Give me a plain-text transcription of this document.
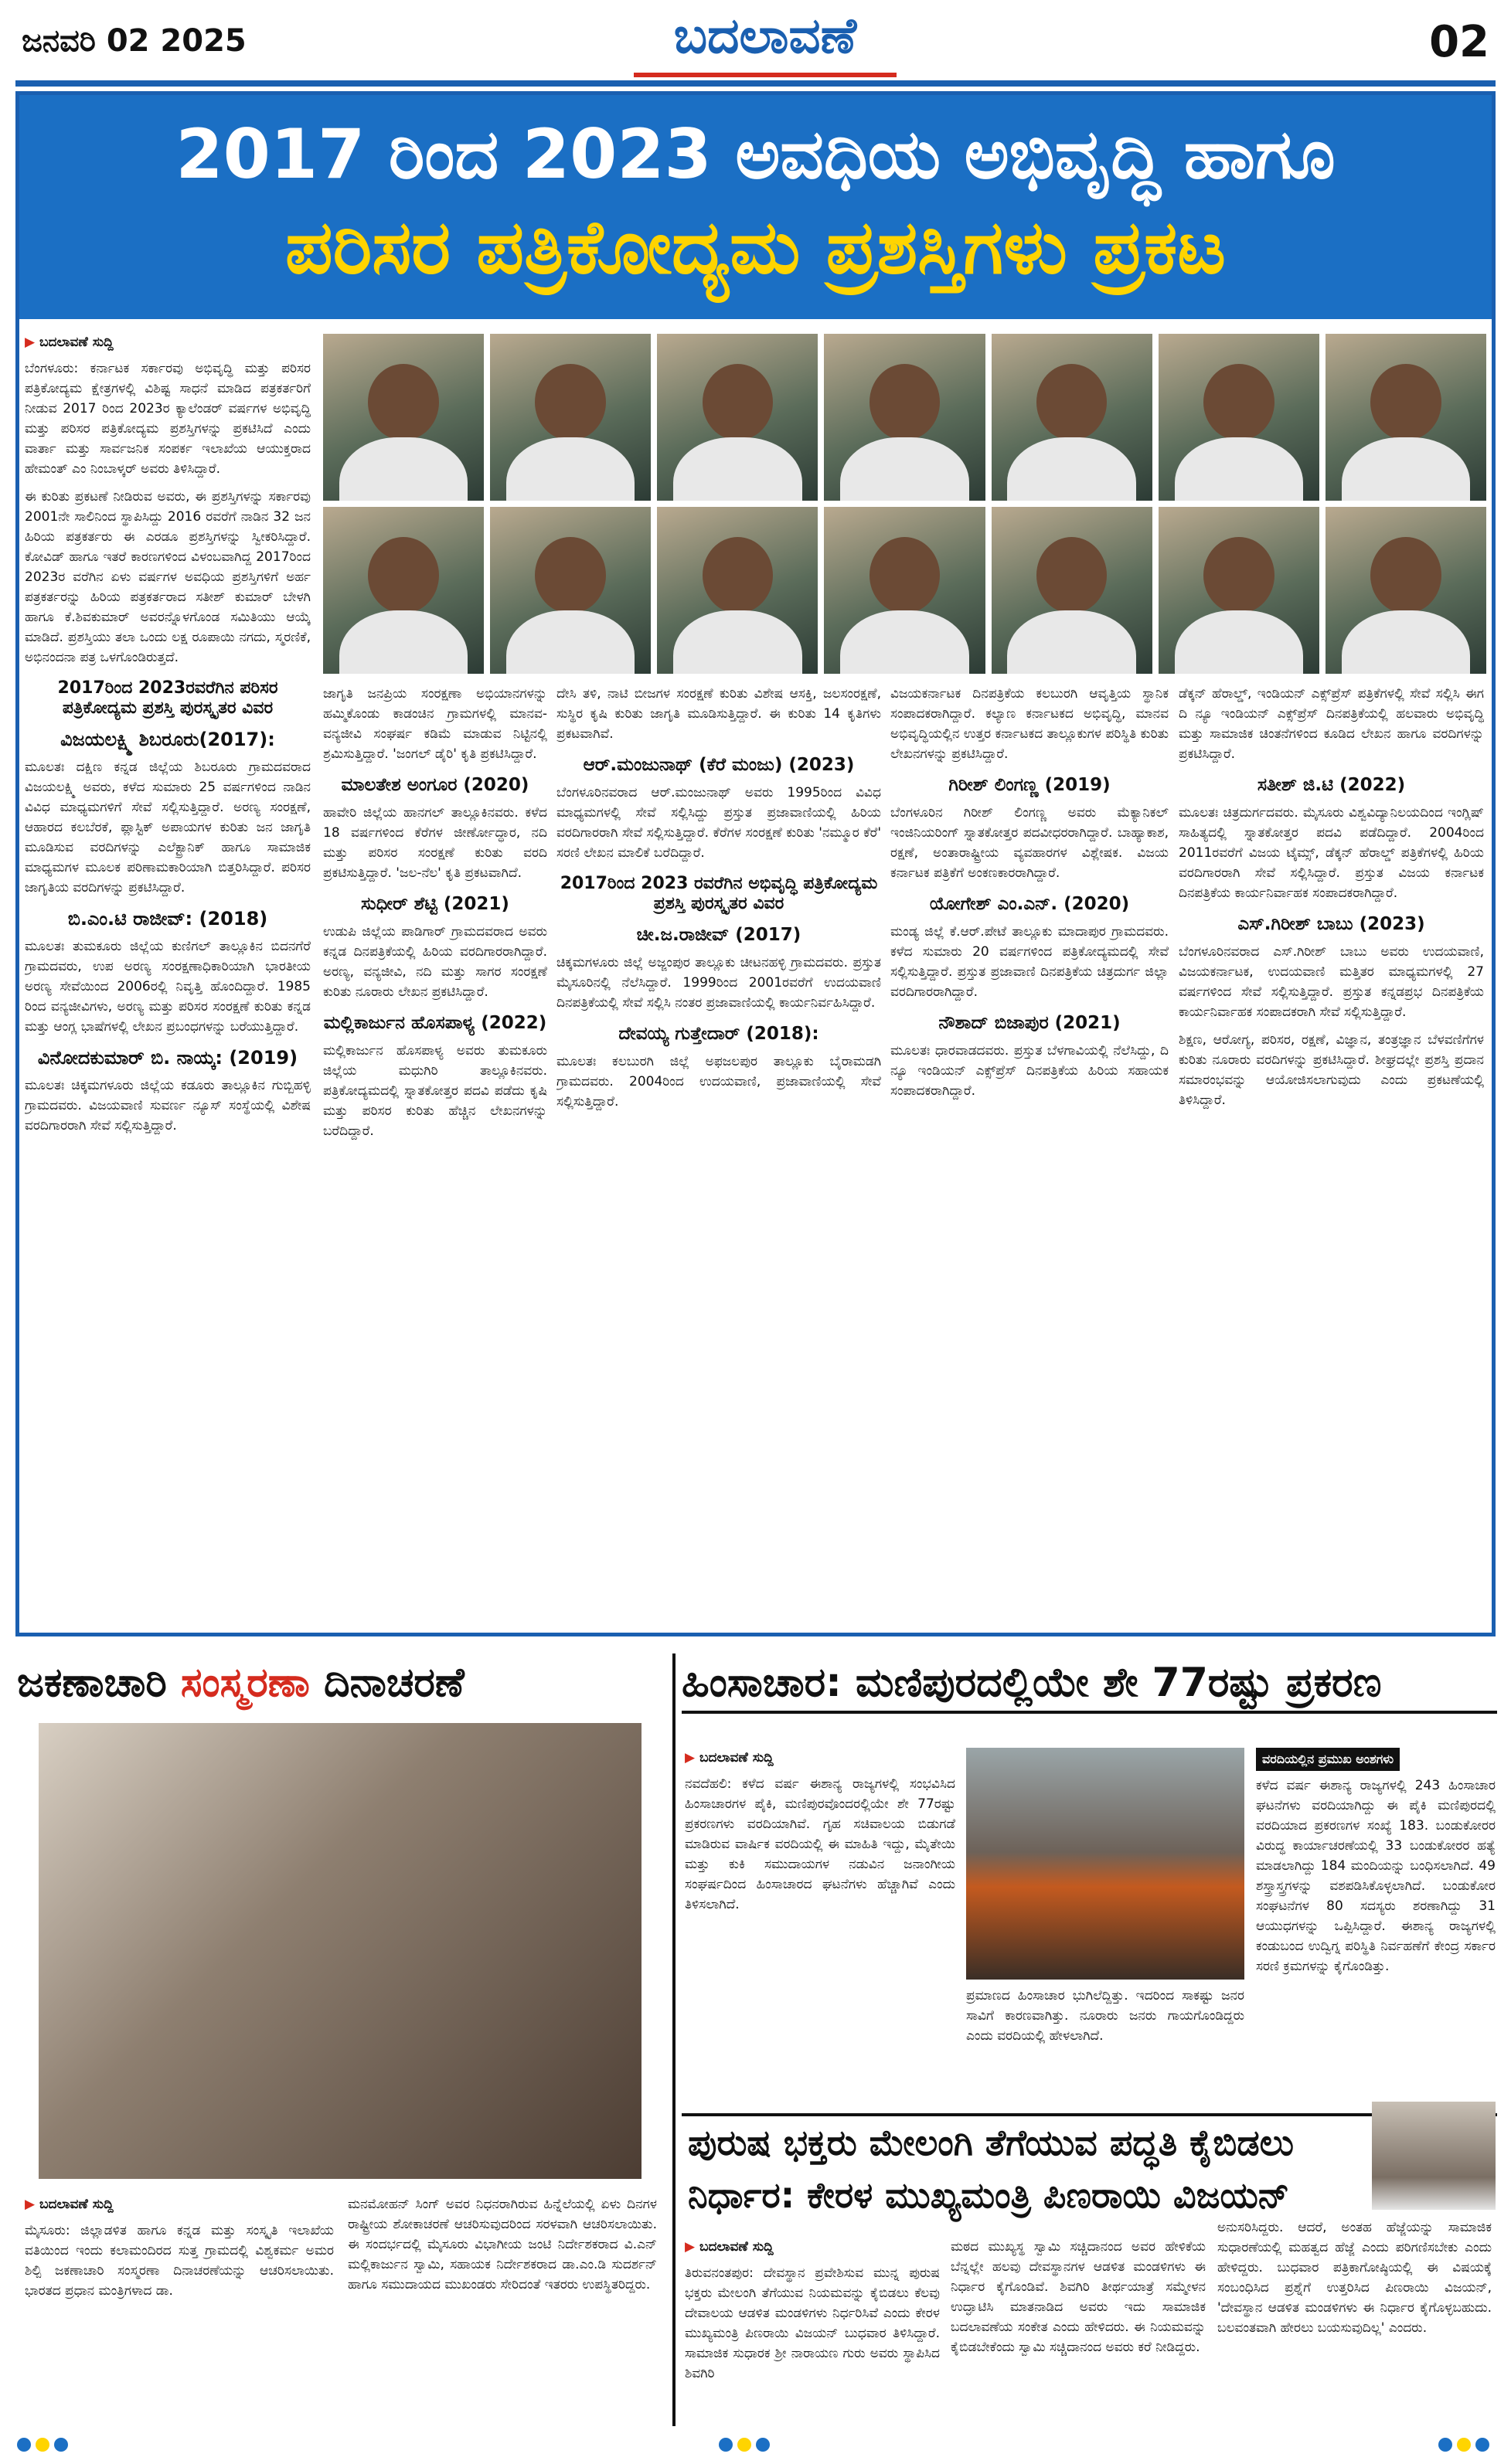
ಜನವರಿ 02 2025	ಬದಲಾವಣೆ	02
2017 ರಿಂದ 2023 ಅವಧಿಯ ಅಭಿವೃದ್ಧಿ ಹಾಗೂ
ಪರಿಸರ ಪತ್ರಿಕೋದ್ಯಮ ಪ್ರಶಸ್ತಿಗಳು ಪ್ರಕಟ
▶ ಬದಲಾವಣೆ ಸುದ್ದಿ

ಬೆಂಗಳೂರು: ಕರ್ನಾಟಕ ಸರ್ಕಾರವು ಅಭಿವೃದ್ಧಿ ಮತ್ತು ಪರಿಸರ ಪತ್ರಿಕೋದ್ಯಮ ಕ್ಷೇತ್ರಗಳಲ್ಲಿ ವಿಶಿಷ್ಟ ಸಾಧನೆ ಮಾಡಿದ ಪತ್ರಕರ್ತರಿಗೆ ನೀಡುವ 2017 ರಿಂದ 2023ರ ಕ್ಯಾಲೆಂಡರ್ ವರ್ಷಗಳ ಅಭಿವೃದ್ಧಿ ಮತ್ತು ಪರಿಸರ ಪತ್ರಿಕೋದ್ಯಮ ಪ್ರಶಸ್ತಿಗಳನ್ನು ಪ್ರಕಟಿಸಿದೆ ಎಂದು ವಾರ್ತಾ ಮತ್ತು ಸಾರ್ವಜನಿಕ ಸಂಪರ್ಕ ಇಲಾಖೆಯ ಆಯುಕ್ತರಾದ ಹೇಮಂತ್ ಎಂ ನಿಂಬಾಳ್ಕರ್ ಅವರು ತಿಳಿಸಿದ್ದಾರೆ.

ಈ ಕುರಿತು ಪ್ರಕಟಣೆ ನೀಡಿರುವ ಅವರು, ಈ ಪ್ರಶಸ್ತಿಗಳನ್ನು ಸರ್ಕಾರವು 2001ನೇ ಸಾಲಿನಿಂದ ಸ್ಥಾಪಿಸಿದ್ದು 2016 ರವರೆಗೆ ನಾಡಿನ 32 ಜನ ಹಿರಿಯ ಪತ್ರಕರ್ತರು ಈ ಎರಡೂ ಪ್ರಶಸ್ತಿಗಳನ್ನು ಸ್ವೀಕರಿಸಿದ್ದಾರೆ. ಕೋವಿಡ್ ಹಾಗೂ ಇತರೆ ಕಾರಣಗಳಿಂದ ವಿಳಂಬವಾಗಿದ್ದ 2017ರಿಂದ 2023ರ ವರೆಗಿನ ಏಳು ವರ್ಷಗಳ ಅವಧಿಯ ಪ್ರಶಸ್ತಿಗಳಿಗೆ ಅರ್ಹ ಪತ್ರಕರ್ತರನ್ನು ಹಿರಿಯ ಪತ್ರಕರ್ತರಾದ ಸತೀಶ್ ಕುಮಾರ್ ಬೇಳಗಿ ಹಾಗೂ ಕೆ.ಶಿವಕುಮಾರ್ ಅವರನ್ನೊಳಗೊಂಡ ಸಮಿತಿಯು ಆಯ್ಕೆ ಮಾಡಿದೆ. ಪ್ರಶಸ್ತಿಯು ತಲಾ ಒಂದು ಲಕ್ಷ ರೂಪಾಯಿ ನಗದು, ಸ್ಮರಣಿಕೆ, ಅಭಿನಂದನಾ ಪತ್ರ ಒಳಗೊಂಡಿರುತ್ತದೆ.

2017ರಿಂದ 2023ರವರೆಗಿನ ಪರಿಸರ ಪತ್ರಿಕೋದ್ಯಮ ಪ್ರಶಸ್ತಿ ಪುರಸ್ಕೃತರ ವಿವರ
ವಿಜಯಲಕ್ಷ್ಮಿ ಶಿಬರೂರು(2017):

ಮೂಲತಃ ದಕ್ಷಿಣ ಕನ್ನಡ ಜಿಲ್ಲೆಯ ಶಿಬರೂರು ಗ್ರಾಮದವರಾದ ವಿಜಯಲಕ್ಷ್ಮಿ ಅವರು, ಕಳೆದ ಸುಮಾರು 25 ವರ್ಷಗಳಿಂದ ನಾಡಿನ ವಿವಿಧ ಮಾಧ್ಯಮಗಳಿಗೆ ಸೇವೆ ಸಲ್ಲಿಸುತ್ತಿದ್ದಾರೆ. ಅರಣ್ಯ ಸಂರಕ್ಷಣೆ, ಆಹಾರದ ಕಲಬೆರಕೆ, ಪ್ಲಾಸ್ಟಿಕ್ ಅಪಾಯಗಳ ಕುರಿತು ಜನ ಜಾಗೃತಿ ಮೂಡಿಸುವ ವರದಿಗಳನ್ನು ಎಲೆಕ್ಟ್ರಾನಿಕ್ ಹಾಗೂ ಸಾಮಾಜಿಕ ಮಾಧ್ಯಮಗಳ ಮೂಲಕ ಪರಿಣಾಮಕಾರಿಯಾಗಿ ಬಿತ್ತರಿಸಿದ್ದಾರೆ. ಪರಿಸರ ಜಾಗೃತಿಯ ವರದಿಗಳನ್ನು ಪ್ರಕಟಿಸಿದ್ದಾರೆ.

ಬಿ.ಎಂ.ಟಿ ರಾಜೀವ್: (2018)

ಮೂಲತಃ ತುಮಕೂರು ಜಿಲ್ಲೆಯ ಕುಣಿಗಲ್ ತಾಲ್ಲೂಕಿನ ಬಿದನಗೆರೆ ಗ್ರಾಮದವರು, ಉಪ ಅರಣ್ಯ ಸಂರಕ್ಷಣಾಧಿಕಾರಿಯಾಗಿ ಭಾರತೀಯ ಅರಣ್ಯ ಸೇವೆಯಿಂದ 2006ರಲ್ಲಿ ನಿವೃತ್ತಿ ಹೊಂದಿದ್ದಾರೆ. 1985 ರಿಂದ ವನ್ಯಜೀವಿಗಳು, ಅರಣ್ಯ ಮತ್ತು ಪರಿಸರ ಸಂರಕ್ಷಣೆ ಕುರಿತು ಕನ್ನಡ ಮತ್ತು ಆಂಗ್ಲ ಭಾಷೆಗಳಲ್ಲಿ ಲೇಖನ ಪ್ರಬಂಧಗಳನ್ನು ಬರೆಯುತ್ತಿದ್ದಾರೆ.

ವಿನೋದಕುಮಾರ್ ಬಿ. ನಾಯ್ಕ: (2019)

ಮೂಲತಃ ಚಿಕ್ಕಮಗಳೂರು ಜಿಲ್ಲೆಯ ಕಡೂರು ತಾಲ್ಲೂಕಿನ ಗುಬ್ಬಿಹಳ್ಳಿ ಗ್ರಾಮದವರು. ವಿಜಯವಾಣಿ ಸುವರ್ಣ ನ್ಯೂಸ್ ಸಂಸ್ಥೆಯಲ್ಲಿ ವಿಶೇಷ ವರದಿಗಾರರಾಗಿ ಸೇವೆ ಸಲ್ಲಿಸುತ್ತಿದ್ದಾರೆ.

ಜಾಗೃತಿ ಜನಪ್ರಿಯ ಸಂರಕ್ಷಣಾ ಅಭಿಯಾನಗಳನ್ನು ಹಮ್ಮಿಕೊಂಡು ಕಾಡಂಚಿನ ಗ್ರಾಮಗಳಲ್ಲಿ ಮಾನವ-ವನ್ಯಜೀವಿ ಸಂಘರ್ಷ ಕಡಿಮೆ ಮಾಡುವ ನಿಟ್ಟಿನಲ್ಲಿ ಶ್ರಮಿಸುತ್ತಿದ್ದಾರೆ. 'ಜಂಗಲ್ ಡೈರಿ' ಕೃತಿ ಪ್ರಕಟಿಸಿದ್ದಾರೆ.

ಮಾಲತೇಶ ಅಂಗೂರ (2020)

ಹಾವೇರಿ ಜಿಲ್ಲೆಯ ಹಾನಗಲ್ ತಾಲ್ಲೂಕಿನವರು. ಕಳೆದ 18 ವರ್ಷಗಳಿಂದ ಕೆರೆಗಳ ಜೀರ್ಣೋದ್ಧಾರ, ನದಿ ಮತ್ತು ಪರಿಸರ ಸಂರಕ್ಷಣೆ ಕುರಿತು ವರದಿ ಪ್ರಕಟಿಸುತ್ತಿದ್ದಾರೆ. 'ಜಲ-ನೆಲ' ಕೃತಿ ಪ್ರಕಟವಾಗಿದೆ.

ಸುಧೀರ್ ಶೆಟ್ಟಿ (2021)

ಉಡುಪಿ ಜಿಲ್ಲೆಯ ಪಾಡಿಗಾರ್ ಗ್ರಾಮದವರಾದ ಅವರು ಕನ್ನಡ ದಿನಪತ್ರಿಕೆಯಲ್ಲಿ ಹಿರಿಯ ವರದಿಗಾರರಾಗಿದ್ದಾರೆ. ಅರಣ್ಯ, ವನ್ಯಜೀವಿ, ನದಿ ಮತ್ತು ಸಾಗರ ಸಂರಕ್ಷಣೆ ಕುರಿತು ನೂರಾರು ಲೇಖನ ಪ್ರಕಟಿಸಿದ್ದಾರೆ.

ಮಲ್ಲಿಕಾರ್ಜುನ ಹೊಸಪಾಳ್ಯ (2022)

ಮಲ್ಲಿಕಾರ್ಜುನ ಹೊಸಪಾಳ್ಯ ಅವರು ತುಮಕೂರು ಜಿಲ್ಲೆಯ ಮಧುಗಿರಿ ತಾಲ್ಲೂಕಿನವರು. ಪತ್ರಿಕೋದ್ಯಮದಲ್ಲಿ ಸ್ನಾತಕೋತ್ತರ ಪದವಿ ಪಡೆದು ಕೃಷಿ ಮತ್ತು ಪರಿಸರ ಕುರಿತು ಹೆಚ್ಚಿನ ಲೇಖನಗಳನ್ನು ಬರೆದಿದ್ದಾರೆ.

ದೇಸಿ ತಳಿ, ನಾಟಿ ಬೀಜಗಳ ಸಂರಕ್ಷಣೆ ಕುರಿತು ವಿಶೇಷ ಆಸಕ್ತಿ, ಜಲಸಂರಕ್ಷಣೆ, ಸುಸ್ಥಿರ ಕೃಷಿ ಕುರಿತು ಜಾಗೃತಿ ಮೂಡಿಸುತ್ತಿದ್ದಾರೆ. ಈ ಕುರಿತು 14 ಕೃತಿಗಳು ಪ್ರಕಟವಾಗಿವೆ.

ಆರ್.ಮಂಜುನಾಥ್ (ಕೆರೆ ಮಂಜು) (2023)

ಬೆಂಗಳೂರಿನವರಾದ ಆರ್.ಮಂಜುನಾಥ್ ಅವರು 1995ರಿಂದ ವಿವಿಧ ಮಾಧ್ಯಮಗಳಲ್ಲಿ ಸೇವೆ ಸಲ್ಲಿಸಿದ್ದು ಪ್ರಸ್ತುತ ಪ್ರಜಾವಾಣಿಯಲ್ಲಿ ಹಿರಿಯ ವರದಿಗಾರರಾಗಿ ಸೇವೆ ಸಲ್ಲಿಸುತ್ತಿದ್ದಾರೆ. ಕೆರೆಗಳ ಸಂರಕ್ಷಣೆ ಕುರಿತು 'ನಮ್ಮೂರ ಕೆರೆ' ಸರಣಿ ಲೇಖನ ಮಾಲಿಕೆ ಬರೆದಿದ್ದಾರೆ.

2017ರಿಂದ 2023 ರವರೆಗಿನ ಅಭಿವೃದ್ಧಿ ಪತ್ರಿಕೋದ್ಯಮ ಪ್ರಶಸ್ತಿ ಪುರಸ್ಕೃತರ ವಿವರ
ಚೀ.ಜ.ರಾಜೀವ್ (2017)

ಚಿಕ್ಕಮಗಳೂರು ಜಿಲ್ಲೆ ಅಜ್ಜಂಪುರ ತಾಲ್ಲೂಕು ಚೀಟನಹಳ್ಳಿ ಗ್ರಾಮದವರು. ಪ್ರಸ್ತುತ ಮೈಸೂರಿನಲ್ಲಿ ನೆಲೆಸಿದ್ದಾರೆ. 1999ರಿಂದ 2001ರವರೆಗೆ ಉದಯವಾಣಿ ದಿನಪತ್ರಿಕೆಯಲ್ಲಿ ಸೇವೆ ಸಲ್ಲಿಸಿ ನಂತರ ಪ್ರಜಾವಾಣಿಯಲ್ಲಿ ಕಾರ್ಯನಿರ್ವಹಿಸಿದ್ದಾರೆ.

ದೇವಯ್ಯ ಗುತ್ತೇದಾರ್ (2018):

ಮೂಲತಃ ಕಲಬುರಗಿ ಜಿಲ್ಲೆ ಅಫಜಲಪುರ ತಾಲ್ಲೂಕು ಬೈರಾಮಡಗಿ ಗ್ರಾಮದವರು. 2004ರಿಂದ ಉದಯವಾಣಿ, ಪ್ರಜಾವಾಣಿಯಲ್ಲಿ ಸೇವೆ ಸಲ್ಲಿಸುತ್ತಿದ್ದಾರೆ.

ವಿಜಯಕರ್ನಾಟಕ ದಿನಪತ್ರಿಕೆಯ ಕಲಬುರಗಿ ಆವೃತ್ತಿಯ ಸ್ಥಾನಿಕ ಸಂಪಾದಕರಾಗಿದ್ದಾರೆ. ಕಲ್ಯಾಣ ಕರ್ನಾಟಕದ ಅಭಿವೃದ್ಧಿ, ಮಾನವ ಅಭಿವೃದ್ಧಿಯಲ್ಲಿನ ಉತ್ತರ ಕರ್ನಾಟಕದ ತಾಲ್ಲೂಕುಗಳ ಪರಿಸ್ಥಿತಿ ಕುರಿತು ಲೇಖನಗಳನ್ನು ಪ್ರಕಟಿಸಿದ್ದಾರೆ.

ಗಿರೀಶ್ ಲಿಂಗಣ್ಣ (2019)

ಬೆಂಗಳೂರಿನ ಗಿರೀಶ್ ಲಿಂಗಣ್ಣ ಅವರು ಮೆಕ್ಯಾನಿಕಲ್ ಇಂಜಿನಿಯರಿಂಗ್ ಸ್ನಾತಕೋತ್ತರ ಪದವೀಧರರಾಗಿದ್ದಾರೆ. ಬಾಹ್ಯಾಕಾಶ, ರಕ್ಷಣೆ, ಅಂತಾರಾಷ್ಟ್ರೀಯ ವ್ಯವಹಾರಗಳ ವಿಶ್ಲೇಷಕ. ವಿಜಯ ಕರ್ನಾಟಕ ಪತ್ರಿಕೆಗೆ ಅಂಕಣಕಾರರಾಗಿದ್ದಾರೆ.

ಯೋಗೇಶ್ ಎಂ.ಎನ್. (2020)

ಮಂಡ್ಯ ಜಿಲ್ಲೆ ಕೆ.ಆರ್.ಪೇಟೆ ತಾಲ್ಲೂಕು ಮಾದಾಪುರ ಗ್ರಾಮದವರು. ಕಳೆದ ಸುಮಾರು 20 ವರ್ಷಗಳಿಂದ ಪತ್ರಿಕೋದ್ಯಮದಲ್ಲಿ ಸೇವೆ ಸಲ್ಲಿಸುತ್ತಿದ್ದಾರೆ. ಪ್ರಸ್ತುತ ಪ್ರಜಾವಾಣಿ ದಿನಪತ್ರಿಕೆಯ ಚಿತ್ರದುರ್ಗ ಜಿಲ್ಲಾ ವರದಿಗಾರರಾಗಿದ್ದಾರೆ.

ನೌಶಾದ್ ಬಿಜಾಪುರ (2021)

ಮೂಲತಃ ಧಾರವಾಡದವರು. ಪ್ರಸ್ತುತ ಬೆಳಗಾವಿಯಲ್ಲಿ ನೆಲೆಸಿದ್ದು, ದಿ ನ್ಯೂ ಇಂಡಿಯನ್ ಎಕ್ಸ್‌ಪ್ರೆಸ್ ದಿನಪತ್ರಿಕೆಯ ಹಿರಿಯ ಸಹಾಯಕ ಸಂಪಾದಕರಾಗಿದ್ದಾರೆ.

ಡೆಕ್ಕನ್ ಹೆರಾಲ್ಡ್, ಇಂಡಿಯನ್ ಎಕ್ಸ್‌ಪ್ರೆಸ್ ಪತ್ರಿಕೆಗಳಲ್ಲಿ ಸೇವೆ ಸಲ್ಲಿಸಿ ಈಗ ದಿ ನ್ಯೂ ಇಂಡಿಯನ್ ಎಕ್ಸ್‌ಪ್ರೆಸ್ ದಿನಪತ್ರಿಕೆಯಲ್ಲಿ ಹಲವಾರು ಅಭಿವೃದ್ಧಿ ಮತ್ತು ಸಾಮಾಜಿಕ ಚಿಂತನೆಗಳಿಂದ ಕೂಡಿದ ಲೇಖನ ಹಾಗೂ ವರದಿಗಳನ್ನು ಪ್ರಕಟಿಸಿದ್ದಾರೆ.

ಸತೀಶ್ ಜಿ.ಟಿ (2022)

ಮೂಲತಃ ಚಿತ್ರದುರ್ಗದವರು. ಮೈಸೂರು ವಿಶ್ವವಿದ್ಯಾನಿಲಯದಿಂದ ಇಂಗ್ಲಿಷ್ ಸಾಹಿತ್ಯದಲ್ಲಿ ಸ್ನಾತಕೋತ್ತರ ಪದವಿ ಪಡೆದಿದ್ದಾರೆ. 2004ರಿಂದ 2011ರವರೆಗೆ ವಿಜಯ ಟೈಮ್ಸ್, ಡೆಕ್ಕನ್ ಹೆರಾಲ್ಡ್ ಪತ್ರಿಕೆಗಳಲ್ಲಿ ಹಿರಿಯ ವರದಿಗಾರರಾಗಿ ಸೇವೆ ಸಲ್ಲಿಸಿದ್ದಾರೆ. ಪ್ರಸ್ತುತ ವಿಜಯ ಕರ್ನಾಟಕ ದಿನಪತ್ರಿಕೆಯ ಕಾರ್ಯನಿರ್ವಾಹಕ ಸಂಪಾದಕರಾಗಿದ್ದಾರೆ.

ಎಸ್.ಗಿರೀಶ್ ಬಾಬು (2023)

ಬೆಂಗಳೂರಿನವರಾದ ಎಸ್.ಗಿರೀಶ್ ಬಾಬು ಅವರು ಉದಯವಾಣಿ, ವಿಜಯಕರ್ನಾಟಕ, ಉದಯವಾಣಿ ಮತ್ತಿತರ ಮಾಧ್ಯಮಗಳಲ್ಲಿ 27 ವರ್ಷಗಳಿಂದ ಸೇವೆ ಸಲ್ಲಿಸುತ್ತಿದ್ದಾರೆ. ಪ್ರಸ್ತುತ ಕನ್ನಡಪ್ರಭ ದಿನಪತ್ರಿಕೆಯ ಕಾರ್ಯನಿರ್ವಾಹಕ ಸಂಪಾದಕರಾಗಿ ಸೇವೆ ಸಲ್ಲಿಸುತ್ತಿದ್ದಾರೆ.

ಶಿಕ್ಷಣ, ಆರೋಗ್ಯ, ಪರಿಸರ, ರಕ್ಷಣೆ, ವಿಜ್ಞಾನ, ತಂತ್ರಜ್ಞಾನ ಬೆಳವಣಿಗೆಗಳ ಕುರಿತು ನೂರಾರು ವರದಿಗಳನ್ನು ಪ್ರಕಟಿಸಿದ್ದಾರೆ. ಶೀಘ್ರದಲ್ಲೇ ಪ್ರಶಸ್ತಿ ಪ್ರದಾನ ಸಮಾರಂಭವನ್ನು ಆಯೋಜಿಸಲಾಗುವುದು ಎಂದು ಪ್ರಕಟಣೆಯಲ್ಲಿ ತಿಳಿಸಿದ್ದಾರೆ.

ಜಕಣಾಚಾರಿ ಸಂಸ್ಮರಣಾ ದಿನಾಚರಣೆ
▶ ಬದಲಾವಣೆ ಸುದ್ದಿ

ಮೈಸೂರು: ಜಿಲ್ಲಾಡಳಿತ ಹಾಗೂ ಕನ್ನಡ ಮತ್ತು ಸಂಸ್ಕೃತಿ ಇಲಾಖೆಯ ವತಿಯಿಂದ ಇಂದು ಕಲಾಮಂದಿರದ ಸುತ್ತ ಗ್ರಾಮದಲ್ಲಿ ವಿಶ್ವಕರ್ಮ ಅಮರ ಶಿಲ್ಪಿ ಜಕಣಾಚಾರಿ ಸಂಸ್ಮರಣಾ ದಿನಾಚರಣೆಯನ್ನು ಆಚರಿಸಲಾಯಿತು. ಭಾರತದ ಪ್ರಧಾನ ಮಂತ್ರಿಗಳಾದ ಡಾ.

ಮನಮೋಹನ್ ಸಿಂಗ್ ಅವರ ನಿಧನರಾಗಿರುವ ಹಿನ್ನೆಲೆಯಲ್ಲಿ ಏಳು ದಿನಗಳ ರಾಷ್ಟ್ರೀಯ ಶೋಕಾಚರಣೆ ಆಚರಿಸುವುದರಿಂದ ಸರಳವಾಗಿ ಆಚರಿಸಲಾಯಿತು. ಈ ಸಂದರ್ಭದಲ್ಲಿ ಮೈಸೂರು ವಿಭಾಗೀಯ ಜಂಟಿ ನಿರ್ದೇಶಕರಾದ ವಿ.ಎನ್ ಮಲ್ಲಿಕಾರ್ಜುನ ಸ್ವಾಮಿ, ಸಹಾಯಕ ನಿರ್ದೇಶಕರಾದ ಡಾ.ಎಂ.ಡಿ ಸುದರ್ಶನ್ ಹಾಗೂ ಸಮುದಾಯದ ಮುಖಂಡರು ಸೇರಿದಂತೆ ಇತರರು ಉಪಸ್ಥಿತರಿದ್ದರು.

ಹಿಂಸಾಚಾರ: ಮಣಿಪುರದಲ್ಲಿಯೇ ಶೇ 77ರಷ್ಟು ಪ್ರಕರಣ
▶ ಬದಲಾವಣೆ ಸುದ್ದಿ

ನವದೆಹಲಿ: ಕಳೆದ ವರ್ಷ ಈಶಾನ್ಯ ರಾಜ್ಯಗಳಲ್ಲಿ ಸಂಭವಿಸಿದ ಹಿಂಸಾಚಾರಗಳ ಪೈಕಿ, ಮಣಿಪುರವೊಂದರಲ್ಲಿಯೇ ಶೇ 77ರಷ್ಟು ಪ್ರಕರಣಗಳು ವರದಿಯಾಗಿವೆ. ಗೃಹ ಸಚಿವಾಲಯ ಬಿಡುಗಡೆ ಮಾಡಿರುವ ವಾರ್ಷಿಕ ವರದಿಯಲ್ಲಿ ಈ ಮಾಹಿತಿ ಇದ್ದು, ಮೈತೇಯಿ ಮತ್ತು ಕುಕಿ ಸಮುದಾಯಗಳ ನಡುವಿನ ಜನಾಂಗೀಯ ಸಂಘರ್ಷದಿಂದ ಹಿಂಸಾಚಾರದ ಘಟನೆಗಳು ಹೆಚ್ಚಾಗಿವೆ ಎಂದು ತಿಳಿಸಲಾಗಿದೆ.

ಪ್ರಮಾಣದ ಹಿಂಸಾಚಾರ ಭುಗಿಲೆದ್ದಿತ್ತು. ಇದರಿಂದ ಸಾಕಷ್ಟು ಜನರ ಸಾವಿಗೆ ಕಾರಣವಾಗಿತ್ತು. ನೂರಾರು ಜನರು ಗಾಯಗೊಂಡಿದ್ದರು ಎಂದು ವರದಿಯಲ್ಲಿ ಹೇಳಲಾಗಿದೆ.

ವರದಿಯಲ್ಲಿನ ಪ್ರಮುಖ ಅಂಶಗಳು

ಕಳೆದ ವರ್ಷ ಈಶಾನ್ಯ ರಾಜ್ಯಗಳಲ್ಲಿ 243 ಹಿಂಸಾಚಾರ ಘಟನೆಗಳು ವರದಿಯಾಗಿದ್ದು ಈ ಪೈಕಿ ಮಣಿಪುರದಲ್ಲಿ ವರದಿಯಾದ ಪ್ರಕರಣಗಳ ಸಂಖ್ಯೆ 183. ಬಂಡುಕೋರರ ವಿರುದ್ಧ ಕಾರ್ಯಾಚರಣೆಯಲ್ಲಿ 33 ಬಂಡುಕೋರರ ಹತ್ಯೆ ಮಾಡಲಾಗಿದ್ದು 184 ಮಂದಿಯನ್ನು ಬಂಧಿಸಲಾಗಿದೆ. 49 ಶಸ್ತ್ರಾಸ್ತ್ರಗಳನ್ನು ವಶಪಡಿಸಿಕೊಳ್ಳಲಾಗಿದೆ. ಬಂಡುಕೋರ ಸಂಘಟನೆಗಳ 80 ಸದಸ್ಯರು ಶರಣಾಗಿದ್ದು 31 ಆಯುಧಗಳನ್ನು ಒಪ್ಪಿಸಿದ್ದಾರೆ. ಈಶಾನ್ಯ ರಾಜ್ಯಗಳಲ್ಲಿ ಕಂಡುಬಂದ ಉದ್ವಿಗ್ನ ಪರಿಸ್ಥಿತಿ ನಿರ್ವಹಣೆಗೆ ಕೇಂದ್ರ ಸರ್ಕಾರ ಸರಣಿ ಕ್ರಮಗಳನ್ನು ಕೈಗೊಂಡಿತ್ತು.

ಪುರುಷ ಭಕ್ತರು ಮೇಲಂಗಿ ತೆಗೆಯುವ ಪದ್ಧತಿ ಕೈಬಿಡಲು
ನಿರ್ಧಾರ: ಕೇರಳ ಮುಖ್ಯಮಂತ್ರಿ ಪಿಣರಾಯಿ ವಿಜಯನ್
▶ ಬದಲಾವಣೆ ಸುದ್ದಿ

ತಿರುವನಂತಪುರ: ದೇವಸ್ಥಾನ ಪ್ರವೇಶಿಸುವ ಮುನ್ನ ಪುರುಷ ಭಕ್ತರು ಮೇಲಂಗಿ ತೆಗೆಯುವ ನಿಯಮವನ್ನು ಕೈಬಿಡಲು ಕೆಲವು ದೇವಾಲಯ ಆಡಳಿತ ಮಂಡಳಿಗಳು ನಿರ್ಧರಿಸಿವೆ ಎಂದು ಕೇರಳ ಮುಖ್ಯಮಂತ್ರಿ ಪಿಣರಾಯಿ ವಿಜಯನ್ ಬುಧವಾರ ತಿಳಿಸಿದ್ದಾರೆ. ಸಾಮಾಜಿಕ ಸುಧಾರಕ ಶ್ರೀ ನಾರಾಯಣ ಗುರು ಅವರು ಸ್ಥಾಪಿಸಿದ ಶಿವಗಿರಿ

ಮಠದ ಮುಖ್ಯಸ್ಥ ಸ್ವಾಮಿ ಸಚ್ಚಿದಾನಂದ ಅವರ ಹೇಳಿಕೆಯ ಬೆನ್ನಲ್ಲೇ ಹಲವು ದೇವಸ್ಥಾನಗಳ ಆಡಳಿತ ಮಂಡಳಿಗಳು ಈ ನಿರ್ಧಾರ ಕೈಗೊಂಡಿವೆ. ಶಿವಗಿರಿ ತೀರ್ಥಯಾತ್ರೆ ಸಮ್ಮೇಳನ ಉದ್ಘಾಟಿಸಿ ಮಾತನಾಡಿದ ಅವರು ಇದು ಸಾಮಾಜಿಕ ಬದಲಾವಣೆಯ ಸಂಕೇತ ಎಂದು ಹೇಳಿದರು. ಈ ನಿಯಮವನ್ನು ಕೈಬಿಡಬೇಕೆಂದು ಸ್ವಾಮಿ ಸಚ್ಚಿದಾನಂದ ಅವರು ಕರೆ ನೀಡಿದ್ದರು.

ಅನುಸರಿಸಿದ್ದರು. ಆದರೆ, ಅಂತಹ ಹೆಜ್ಜೆಯನ್ನು ಸಾಮಾಜಿಕ ಸುಧಾರಣೆಯಲ್ಲಿ ಮಹತ್ವದ ಹೆಜ್ಜೆ ಎಂದು ಪರಿಗಣಿಸಬೇಕು ಎಂದು ಹೇಳಿದ್ದರು. ಬುಧವಾರ ಪತ್ರಿಕಾಗೋಷ್ಠಿಯಲ್ಲಿ ಈ ವಿಷಯಕ್ಕೆ ಸಂಬಂಧಿಸಿದ ಪ್ರಶ್ನೆಗೆ ಉತ್ತರಿಸಿದ ಪಿಣರಾಯಿ ವಿಜಯನ್, 'ದೇವಸ್ಥಾನ ಆಡಳಿತ ಮಂಡಳಿಗಳು ಈ ನಿರ್ಧಾರ ಕೈಗೊಳ್ಳಬಹುದು. ಬಲವಂತವಾಗಿ ಹೇರಲು ಬಯಸುವುದಿಲ್ಲ' ಎಂದರು.
